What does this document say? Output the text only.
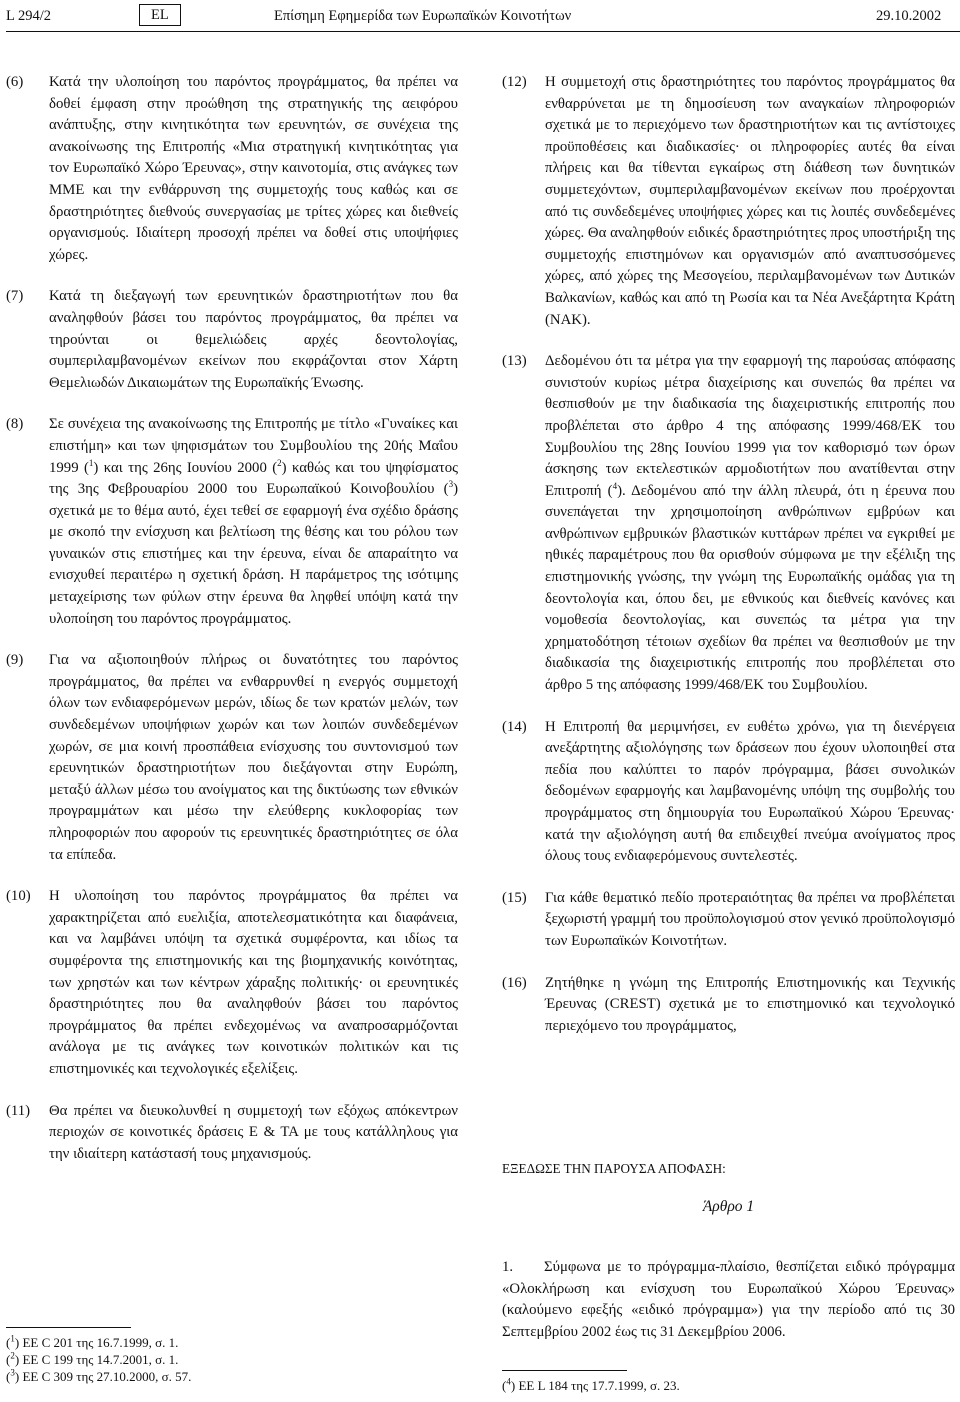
L 294/2	EL	Επίσημη Εφημερίδα των Ευρωπαϊκών Κοινοτήτων	29.10.2002
(6)	Κατά την υλοποίηση του παρόντος προγράμματος, θα πρέπει να δοθεί έμφαση στην προώθηση της στρατηγικής της αειφόρου ανάπτυξης, στην κινητικότητα των ερευνητών, σε συνέχεια της ανακοίνωσης της Επιτροπής «Μια στρατηγική κινητικότητας για τον Ευρωπαϊκό Χώρο Έρευνας», στην καινοτομία, στις ανάγκες των ΜΜΕ και την ενθάρρυνση της συμμετοχής τους καθώς και σε δραστηριότητες διεθνούς συνεργασίας με τρίτες χώρες και διεθνείς οργανισμούς. Ιδιαίτερη προσοχή πρέπει να δοθεί στις υποψήφιες χώρες.
(7)	Κατά τη διεξαγωγή των ερευνητικών δραστηριοτήτων που θα αναληφθούν βάσει του παρόντος προγράμματος, θα πρέπει να τηρούνται οι θεμελιώδεις αρχές δεοντολογίας, συμπεριλαμβανομένων εκείνων που εκφράζονται στον Χάρτη Θεμελιωδών Δικαιωμάτων της Ευρωπαϊκής Ένωσης.
(8)	Σε συνέχεια της ανακοίνωσης της Επιτροπής με τίτλο «Γυναίκες και επιστήμη» και των ψηφισμάτων του Συμβουλίου της 20ής Μαΐου 1999 ($^1$) και της 26ης Ιουνίου 2000 ($^2$) καθώς και του ψηφίσματος της 3ης Φεβρουαρίου 2000 του Ευρωπαϊκού Κοινοβουλίου ($^3$) σχετικά με το θέμα αυτό, έχει τεθεί σε εφαρμογή ένα σχέδιο δράσης με σκοπό την ενίσχυση και βελτίωση της θέσης και του ρόλου των γυναικών στις επιστήμες και την έρευνα, είναι δε απαραίτητο να ενισχυθεί περαιτέρω η σχετική δράση. Η παράμετρος της ισότιμης μεταχείρισης των φύλων στην έρευνα θα ληφθεί υπόψη κατά την υλοποίηση του παρόντος προγράμματος.
(9)	Για να αξιοποιηθούν πλήρως οι δυνατότητες του παρόντος προγράμματος, θα πρέπει να ενθαρρυνθεί η ενεργός συμμετοχή όλων των ενδιαφερόμενων μερών, ιδίως δε των κρατών μελών, των συνδεδεμένων υποψήφιων χωρών και των λοιπών συνδεδεμένων χωρών, σε μια κοινή προσπάθεια ενίσχυσης του συντονισμού των ερευνητικών δραστηριοτήτων που διεξάγονται στην Ευρώπη, μεταξύ άλλων μέσω του ανοίγματος και της δικτύωσης των εθνικών προγραμμάτων και μέσω την ελεύθερης κυκλοφορίας των πληροφοριών που αφορούν τις ερευνητικές δραστηριότητες σε όλα τα επίπεδα.
(10)	Η υλοποίηση του παρόντος προγράμματος θα πρέπει να χαρακτηρίζεται από ευελιξία, αποτελεσματικότητα και διαφάνεια, και να λαμβάνει υπόψη τα σχετικά συμφέροντα, και ιδίως τα συμφέροντα της επιστημονικής και της βιομηχανικής κοινότητας, των χρηστών και των κέντρων χάραξης πολιτικής· οι ερευνητικές δραστηριότητες που θα αναληφθούν βάσει του παρόντος προγράμματος θα πρέπει ενδεχομένως να αναπροσαρμόζονται ανάλογα με τις ανάγκες των κοινοτικών πολιτικών και τις επιστημονικές και τεχνολογικές εξελίξεις.
(11)	Θα πρέπει να διευκολυνθεί η συμμετοχή των εξόχως απόκεντρων περιοχών σε κοινοτικές δράσεις Ε & ΤΑ με τους κατάλληλους για την ιδιαίτερη κατάστασή τους μηχανισμούς.
(12)	Η συμμετοχή στις δραστηριότητες του παρόντος προγράμματος θα ενθαρρύνεται με τη δημοσίευση των αναγκαίων πληροφοριών σχετικά με το περιεχόμενο των δραστηριοτήτων και τις αντίστοιχες προϋποθέσεις και διαδικασίες· οι πληροφορίες αυτές θα είναι πλήρεις και θα τίθενται εγκαίρως στη διάθεση των δυνητικών συμμετεχόντων, συμπεριλαμβανομένων εκείνων που προέρχονται από τις συνδεδεμένες υποψήφιες χώρες και τις λοιπές συνδεδεμένες χώρες. Θα αναληφθούν ειδικές δραστηριότητες προς υποστήριξη της συμμετοχής επιστημόνων και οργανισμών από αναπτυσσόμενες χώρες, από χώρες της Μεσογείου, περιλαμβανομένων των Δυτικών Βαλκανίων, καθώς και από τη Ρωσία και τα Νέα Ανεξάρτητα Κράτη (ΝΑΚ).
(13)	Δεδομένου ότι τα μέτρα για την εφαρμογή της παρούσας απόφασης συνιστούν κυρίως μέτρα διαχείρισης και συνεπώς θα πρέπει να θεσπισθούν με την διαδικασία της διαχειριστικής επιτροπής που προβλέπεται στο άρθρο 4 της απόφασης 1999/468/ΕΚ του Συμβουλίου της 28ης Ιουνίου 1999 για τον καθορισμό των όρων άσκησης των εκτελεστικών αρμοδιοτήτων που ανατίθενται στην Επιτροπή ($^4$). Δεδομένου από την άλλη πλευρά, ότι η έρευνα που συνεπάγεται την χρησιμοποίηση ανθρώπινων εμβρύων και ανθρώπινων εμβρυικών βλαστικών κυττάρων πρέπει να εγκριθεί με ηθικές παραμέτρους που θα ορισθούν σύμφωνα με την εξέλιξη της επιστημονικής γνώσης, την γνώμη της Ευρωπαϊκής ομάδας για τη δεοντολογία και, όπου δει, με εθνικούς και διεθνείς κανόνες και νομοθεσία δεοντολογίας, και συνεπώς τα μέτρα για την χρηματοδότηση τέτοιων σχεδίων θα πρέπει να θεσπισθούν με την διαδικασία της διαχειριστικής επιτροπής που προβλέπεται στο άρθρο 5 της απόφασης 1999/468/ΕΚ του Συμβουλίου.
(14)	Η Επιτροπή θα μεριμνήσει, εν ευθέτω χρόνω, για τη διενέργεια ανεξάρτητης αξιολόγησης των δράσεων που έχουν υλοποιηθεί στα πεδία που καλύπτει το παρόν πρόγραμμα, βάσει συνολικών δεδομένων εφαρμογής και λαμβανομένης υπόψη της συμβολής του προγράμματος στη δημιουργία του Ευρωπαϊκού Χώρου Έρευνας· κατά την αξιολόγηση αυτή θα επιδειχθεί πνεύμα ανοίγματος προς όλους τους ενδιαφερόμενους συντελεστές.
(15)	Για κάθε θεματικό πεδίο προτεραιότητας θα πρέπει να προβλέπεται ξεχωριστή γραμμή του προϋπολογισμού στον γενικό προϋπολογισμό των Ευρωπαϊκών Κοινοτήτων.
(16)	Ζητήθηκε η γνώμη της Επιτροπής Επιστημονικής και Τεχνικής Έρευνας (CREST) σχετικά με το επιστημονικό και τεχνολογικό περιεχόμενο του προγράμματος,
ΕΞΕΔΩΣΕ ΤΗΝ ΠΑΡΟΥΣΑ ΑΠΟΦΑΣΗ:
Άρθρο 1
1. Σύμφωνα με το πρόγραμμα-πλαίσιο, θεσπίζεται ειδικό πρόγραμμα «Ολοκλήρωση και ενίσχυση του Ευρωπαϊκού Χώρου Έρευνας» (καλούμενο εφεξής «ειδικό πρόγραμμα») για την περίοδο από τις 30 Σεπτεμβρίου 2002 έως τις 31 Δεκεμβρίου 2006.
($^1$) ΕΕ C 201 της 16.7.1999, σ. 1.
($^2$) ΕΕ C 199 της 14.7.2001, σ. 1.
($^3$) ΕΕ C 309 της 27.10.2000, σ. 57.
($^4$) ΕΕ L 184 της 17.7.1999, σ. 23.
